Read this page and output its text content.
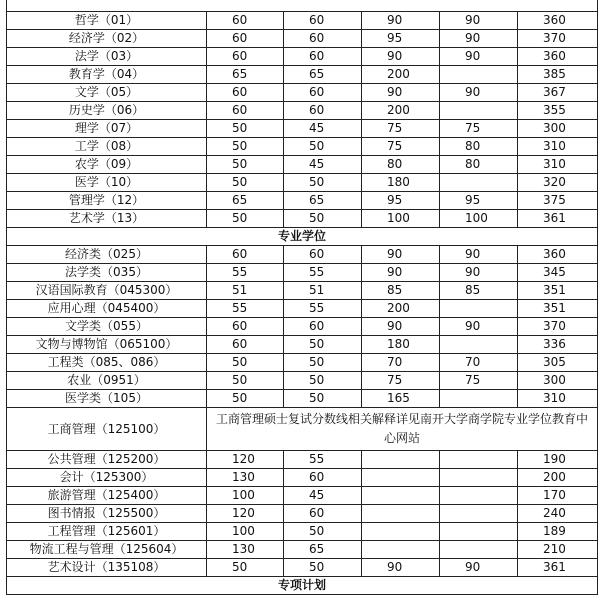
哲学（01）	60	60	90	90	360
经济学（02）	60	60	95	90	370
法学（03）	60	60	90	90	360
教育学（04）	65	65	200		385
文学（05）	60	60	90	90	367
历史学（06）	60	60	200		355
理学（07）	50	45	75	75	300
工学（08）	50	50	75	80	310
农学（09）	50	45	80	80	310
医学（10）	50	50	180		320
管理学（12）	65	65	95	95	375
艺术学（13）	50	50	100	100	361
专业学位					
经济类（025）	60	60	90	90	360
法学类（035）	55	55	90	90	345
汉语国际教育（045300）	51	51	85	85	351
应用心理（045400）	55	55	200		351
文学类（055）	60	60	90	90	370
文物与博物馆（065100）	60	50	180		336
工程类（085、086）	50	50	70	70	305
农业（0951）	50	50	75	75	300
医学类（105）	50	50	165		310
工商管理（125100）	工商管理硕士复试分数线相关解释详见南开大学商学院专业学位教育中心网站				
公共管理（125200）	120	55			190
会计（125300）	130	60			200
旅游管理（125400）	100	45			170
图书情报（125500）	120	60			240
工程管理（125601）	100	50			189
物流工程与管理（125604）	130	65			210
艺术设计（135108）	50	50	90	90	361
专项计划					
